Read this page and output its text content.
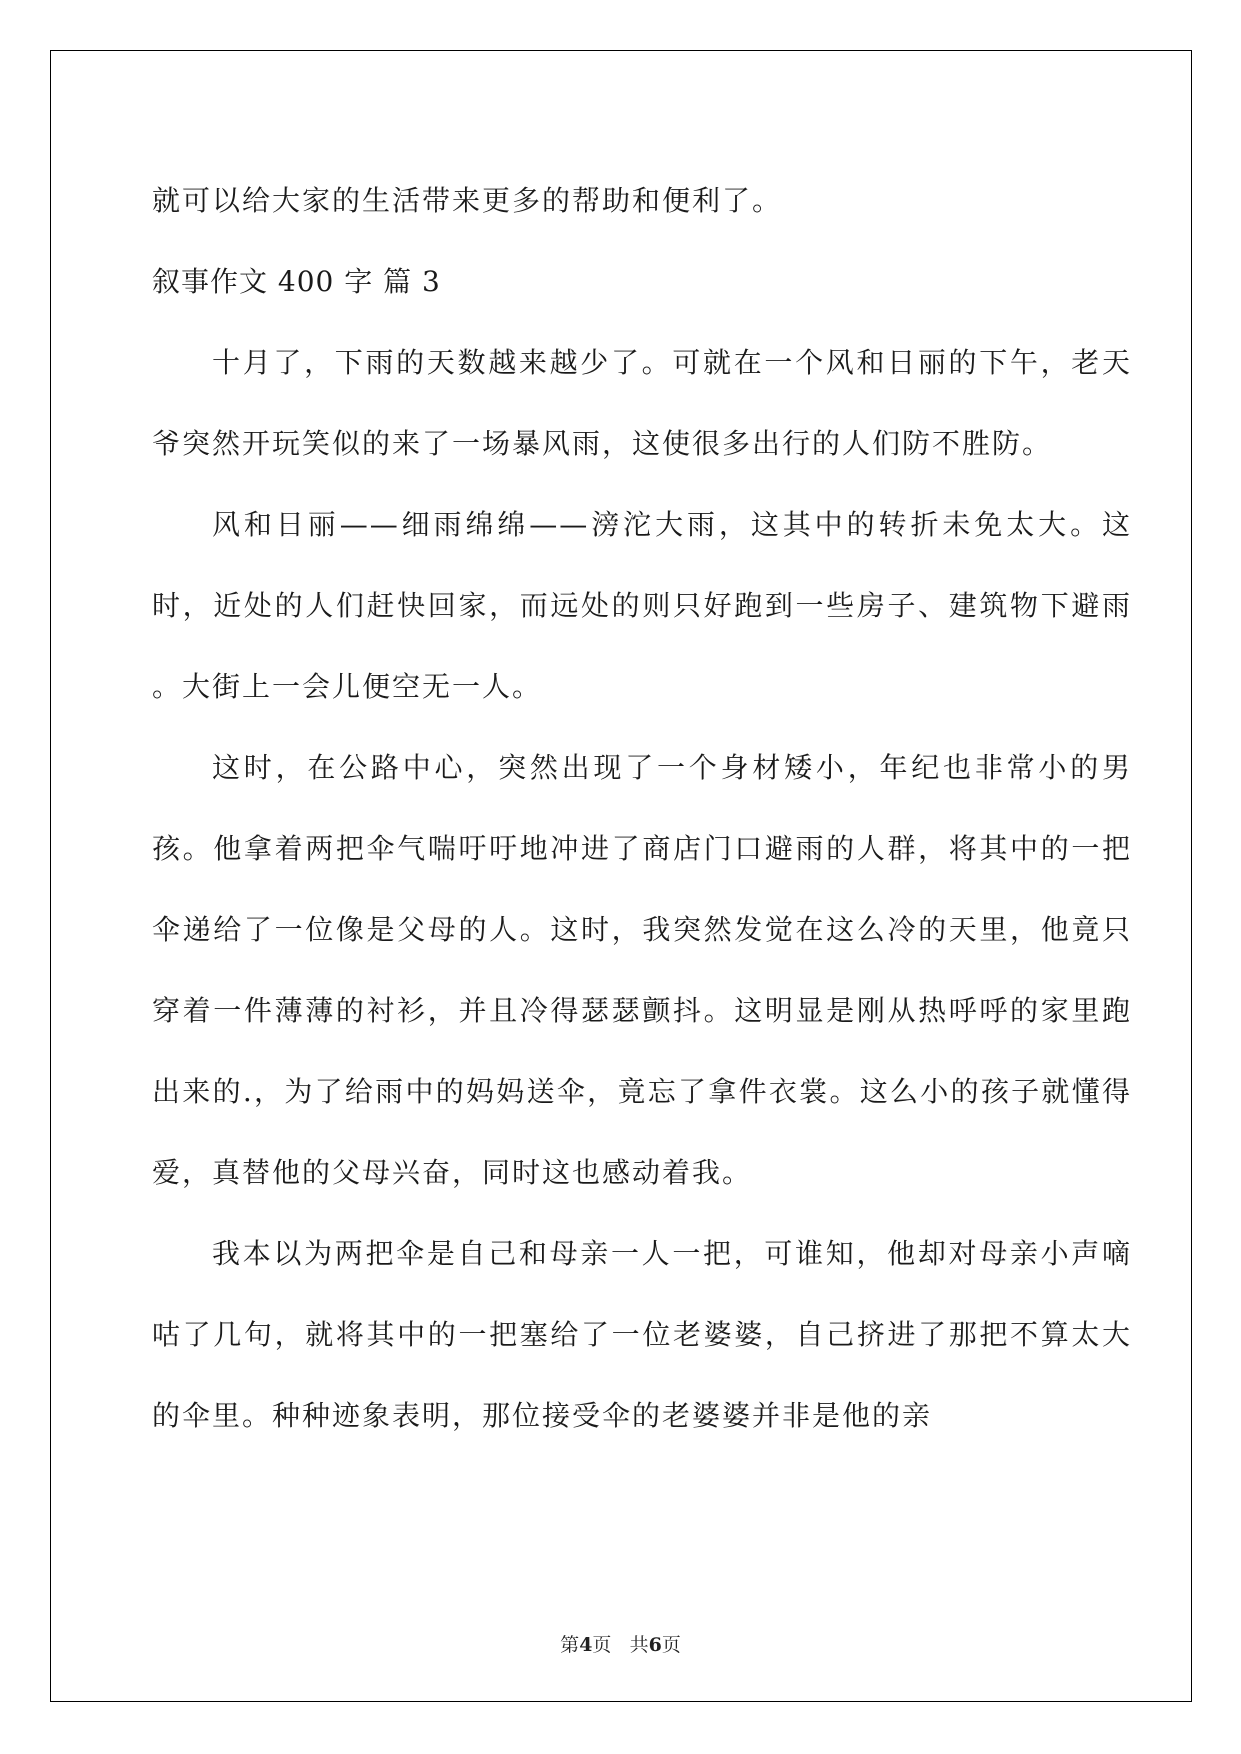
就可以给大家的生活带来更多的帮助和便利了。

叙事作文 400 字 篇 3

十月了，下雨的天数越来越少了。可就在一个风和日丽的下午，老天爷突然开玩笑似的来了一场暴风雨，这使很多出行的人们防不胜防。

风和日丽——细雨绵绵——滂沱大雨，这其中的转折未免太大。这时，近处的人们赶快回家，而远处的则只好跑到一些房子、建筑物下避雨 。大街上一会儿便空无一人。

这时，在公路中心，突然出现了一个身材矮小，年纪也非常小的男孩。他拿着两把伞气喘吁吁地冲进了商店门口避雨的人群，将其中的一把伞递给了一位像是父母的人。这时，我突然发觉在这么冷的天里，他竟只穿着一件薄薄的衬衫，并且冷得瑟瑟颤抖。这明显是刚从热呼呼的家里跑出来的.，为了给雨中的妈妈送伞，竟忘了拿件衣裳。这么小的孩子就懂得爱，真替他的父母兴奋，同时这也感动着我。

我本以为两把伞是自己和母亲一人一把，可谁知，他却对母亲小声嘀咕了几句，就将其中的一把塞给了一位老婆婆，自己挤进了那把不算太大的伞里。种种迹象表明，那位接受伞的老婆婆并非是他的亲

第4页 共6页
